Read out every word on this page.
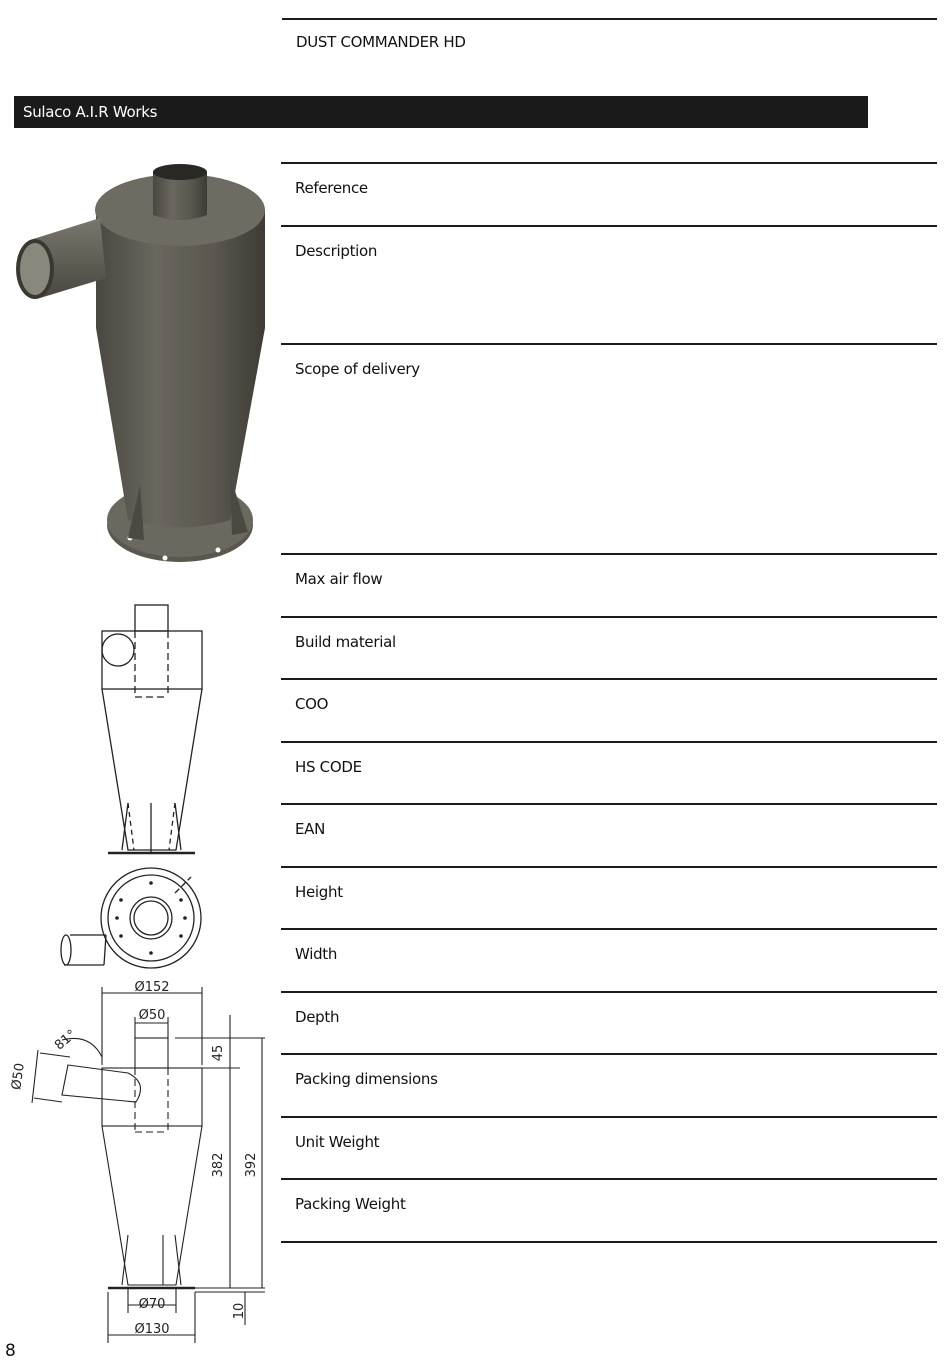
DUST COMMANDER HD
Sulaco A.I.R Works
Ø152
Ø50
Ø50
81°	45
382 392
Ø70
Ø130
10
Reference
Description
Scope of delivery
Max air flow
Build material
COO
HS CODE
EAN
Height
Width
Depth
Packing dimensions
Unit Weight
Packing Weight
8
